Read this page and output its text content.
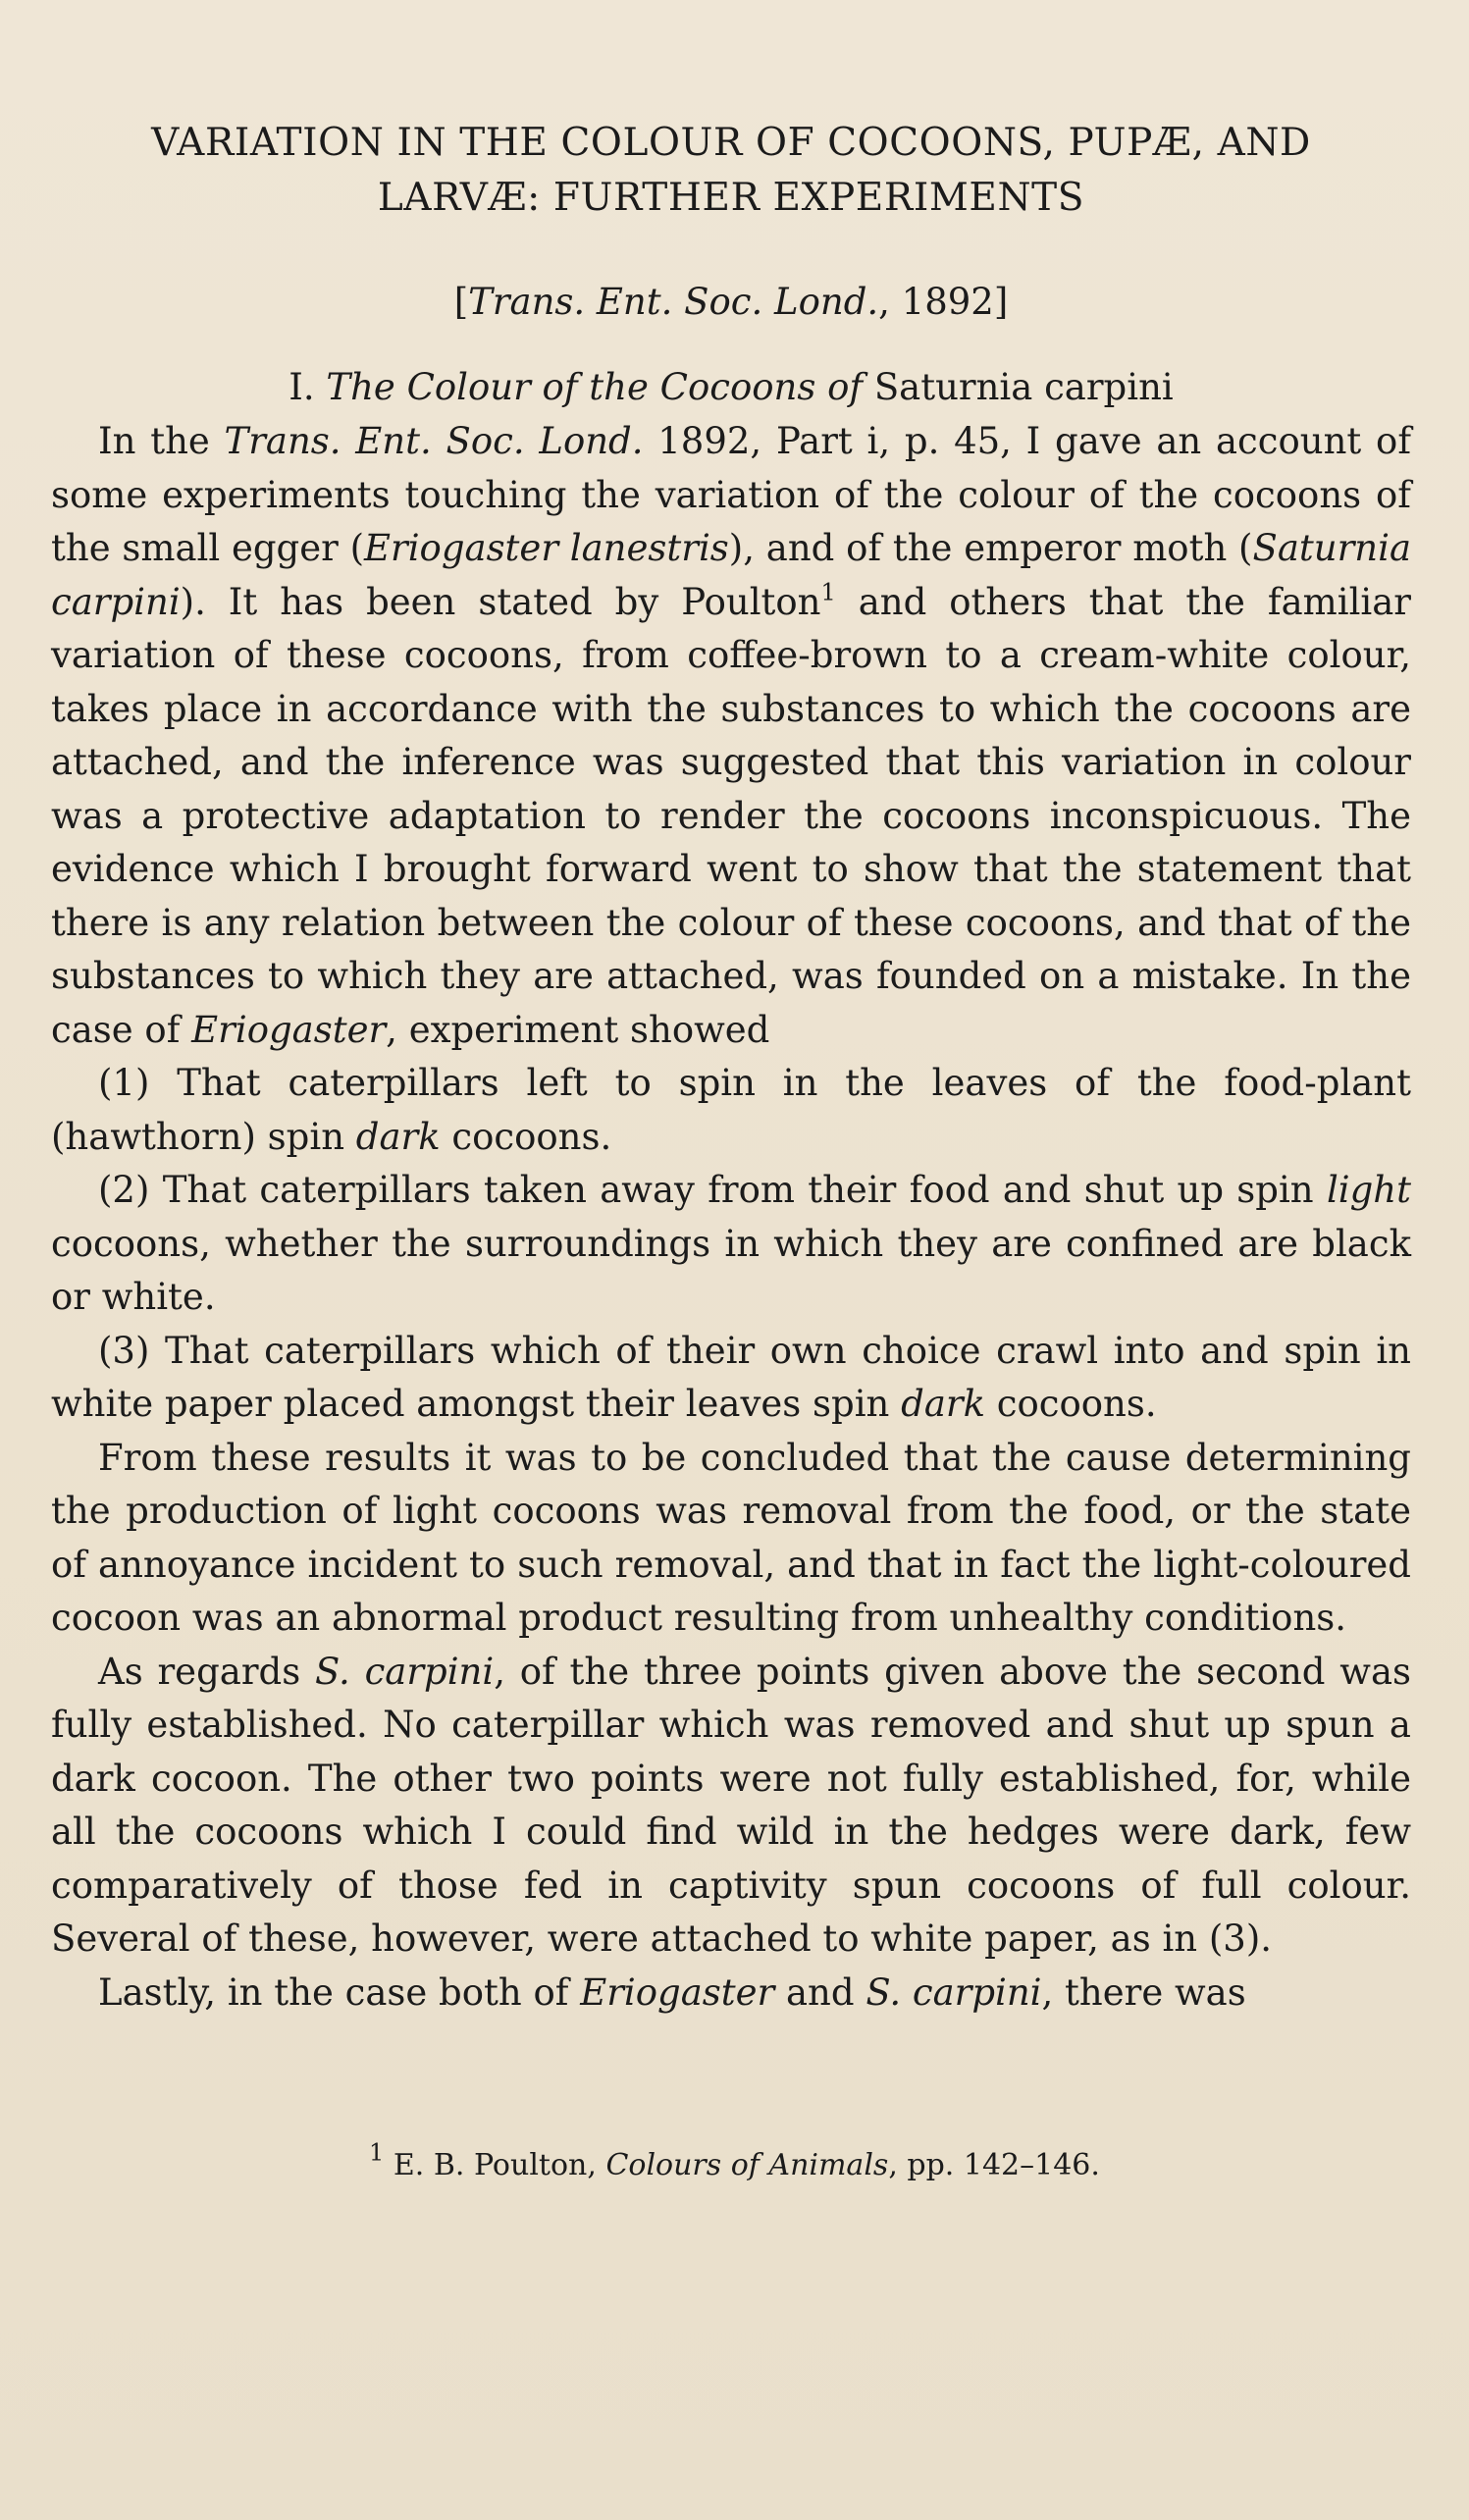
VARIATION IN THE COLOUR OF COCOONS, PUPÆ, AND
LARVÆ: FURTHER EXPERIMENTS
[Trans. Ent. Soc. Lond., 1892]
I. The Colour of the Cocoons of Saturnia carpini

In the Trans. Ent. Soc. Lond. 1892, Part i, p. 45, I gave an account of some experiments touching the variation of the colour of the cocoons of the small egger (Eriogaster lanestris), and of the emperor moth (Saturnia carpini). It has been stated by Poulton$^1$ and others that the familiar variation of these cocoons, from coffee-brown to a cream-white colour, takes place in accordance with the substances to which the cocoons are attached, and the inference was suggested that this variation in colour was a protective adaptation to render the cocoons inconspicuous. The evidence which I brought forward went to show that the statement that there is any relation between the colour of these cocoons, and that of the substances to which they are attached, was founded on a mistake. In the case of Eriogaster, experiment showed

(1) That caterpillars left to spin in the leaves of the food-plant (hawthorn) spin dark cocoons.

(2) That caterpillars taken away from their food and shut up spin light cocoons, whether the surroundings in which they are confined are black or white.

(3) That caterpillars which of their own choice crawl into and spin in white paper placed amongst their leaves spin dark cocoons.

From these results it was to be concluded that the cause determining the production of light cocoons was removal from the food, or the state of annoyance incident to such removal, and that in fact the light-coloured cocoon was an abnormal product resulting from unhealthy conditions.

As regards S. carpini, of the three points given above the second was fully established. No caterpillar which was removed and shut up spun a dark cocoon. The other two points were not fully established, for, while all the cocoons which I could find wild in the hedges were dark, few comparatively of those fed in captivity spun cocoons of full colour. Several of these, however, were attached to white paper, as in (3).

Lastly, in the case both of Eriogaster and S. carpini, there was

$^1$ E. B. Poulton, Colours of Animals, pp. 142–146.
